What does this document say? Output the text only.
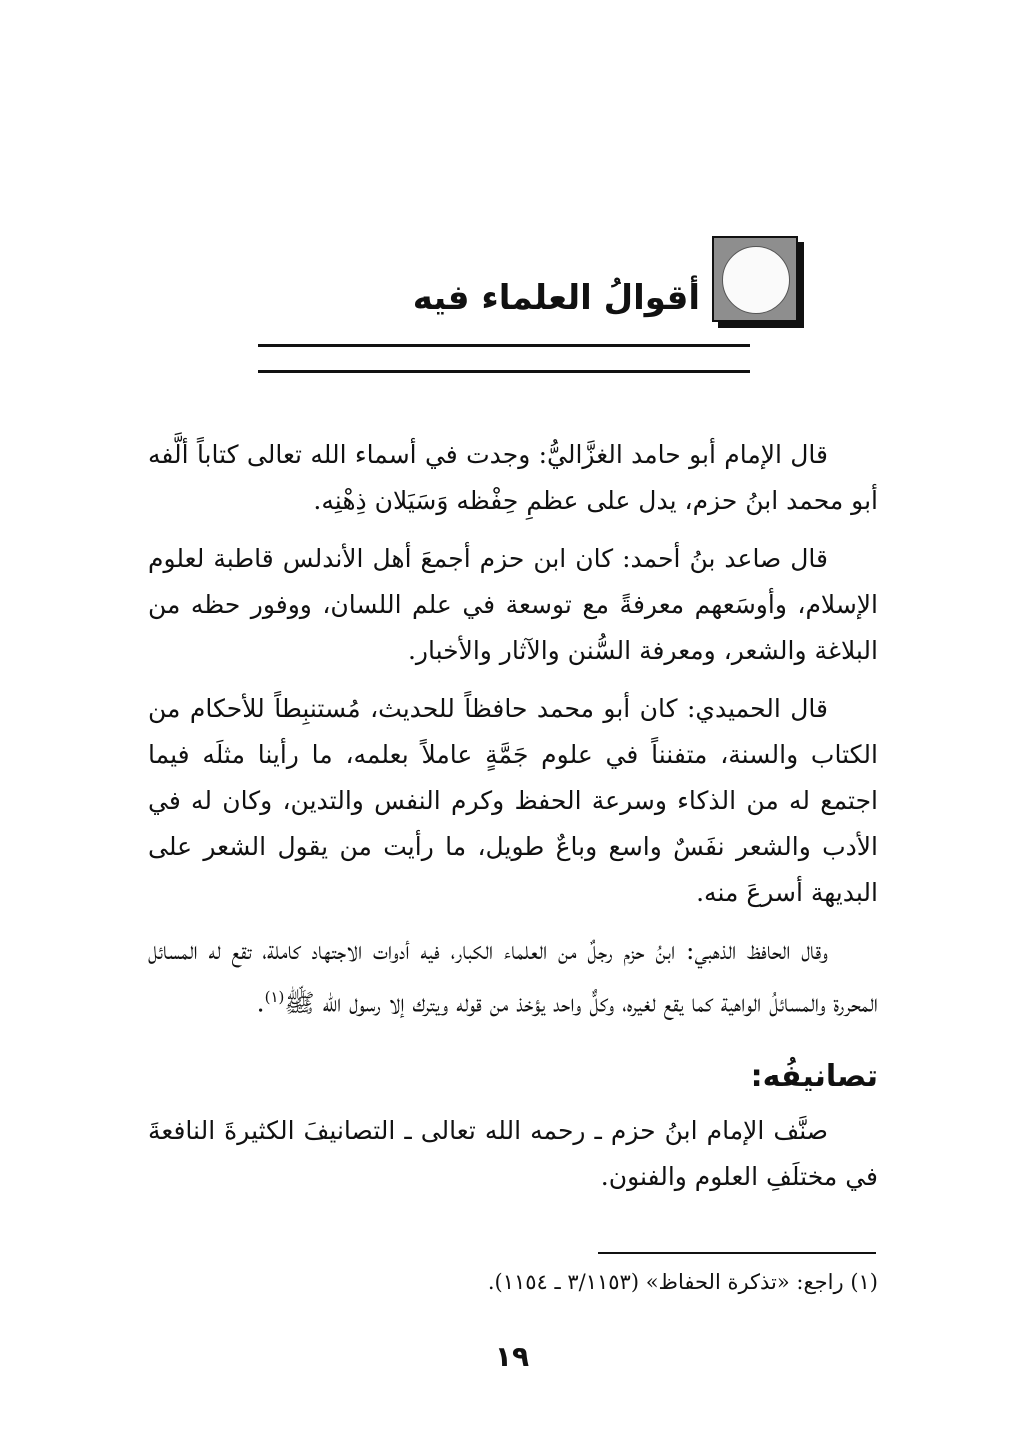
أقوالُ العلماء فيه

قال الإمام أبو حامد الغزَّاليُّ: وجدت في أسماء الله تعالى كتاباً ألَّفه أبو محمد ابنُ حزم، يدل على عظمِ حِفْظه وَسَيَلان ذِهْنِه.

قال صاعد بنُ أحمد: كان ابن حزم أجمعَ أهل الأندلس قاطبة لعلوم الإسلام، وأوسَعهم معرفةً مع توسعة في علم اللسان، ووفور حظه من البلاغة والشعر، ومعرفة السُّنن والآثار والأخبار.

قال الحميدي: كان أبو محمد حافظاً للحديث، مُستنبِطاً للأحكام من الكتاب والسنة، متفنناً في علوم جَمَّةٍ عاملاً بعلمه، ما رأينا مثلَه فيما اجتمع له من الذكاء وسرعة الحفظ وكرم النفس والتدين، وكان له في الأدب والشعر نفَسٌ واسع وباعٌ طويل، ما رأيت من يقول الشعر على البديهة أسرعَ منه.

وقال الحافظ الذهبي: ابنُ حزم رجلٌ من العلماء الكبار، فيه أدوات الاجتهاد كاملة، تقع له المسائل المحررة والمسائلُ الواهية كما يقع لغيره، وكلٌّ واحد يؤخذ من قوله ويترك إلا رسول الله ﷺ$^{(١)}$.

تصانيفُه:

صنَّف الإمام ابنُ حزم ـ رحمه الله تعالى ـ التصانيفَ الكثيرةَ النافعةَ في مختلَفِ العلوم والفنون.

(١) راجع: «تذكرة الحفاظ» (٣/١١٥٣ ـ ١١٥٤).
١٩
